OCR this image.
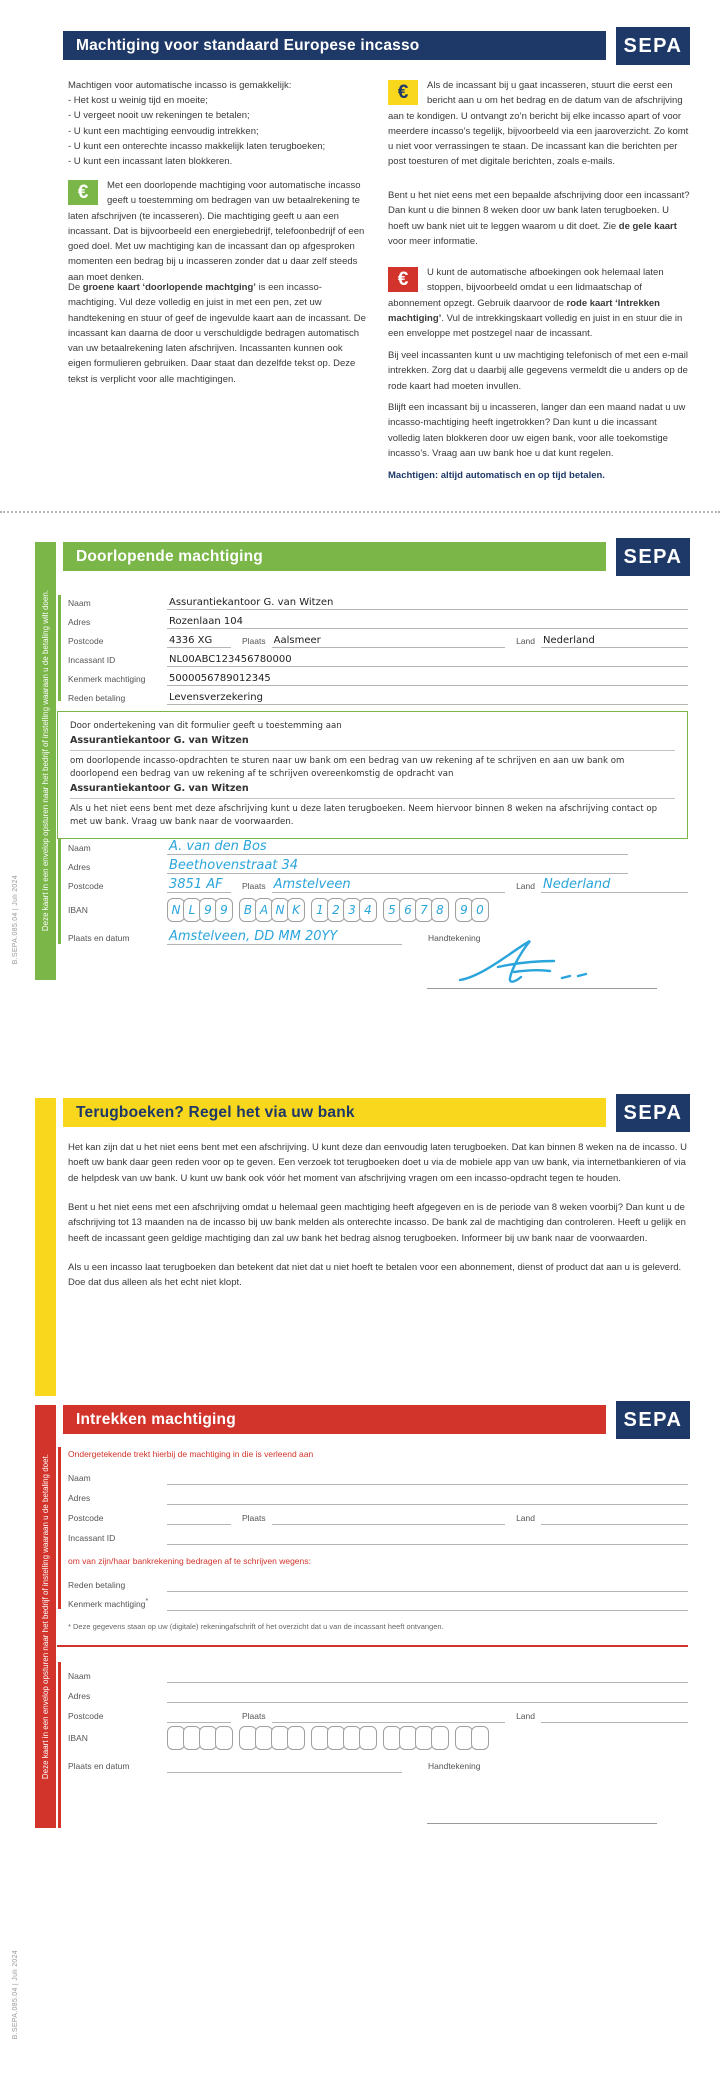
Machtiging voor standaard Europese incasso	SEPA
Machtigen voor automatische incasso is gemakkelijk:
- Het kost u weinig tijd en moeite;
- U vergeet nooit uw rekeningen te betalen;
- U kunt een machtiging eenvoudig intrekken;
- U kunt een onterechte incasso makkelijk laten terugboeken;
- U kunt een incassant laten blokkeren.
€	Met een doorlopende machtiging voor automatische incasso geeft u toestemming om bedragen van uw betaalrekening te laten afschrijven (te incasseren). Die machtiging geeft u aan een incassant. Dat is bijvoorbeeld een energiebedrijf, telefoonbedrijf of een goed doel. Met uw machtiging kan de incassant dan op afgesproken momenten een bedrag bij u incasseren zonder dat u daar zelf steeds aan moet denken.
De groene kaart ‘doorlopende machtging’ is een incasso-machtiging. Vul deze volledig en juist in met een pen, zet uw handtekening en stuur of geef de ingevulde kaart aan de incassant. De incassant kan daarna de door u verschuldigde bedragen automatisch van uw betaalrekening laten afschrijven. Incassanten kunnen ook eigen formulieren gebruiken. Daar staat dan dezelfde tekst op. Deze tekst is verplicht voor alle machtigingen.
€	Als de incassant bij u gaat incasseren, stuurt die eerst een bericht aan u om het bedrag en de datum van de afschrijving aan te kondigen. U ontvangt zo’n bericht bij elke incasso apart of voor meerdere incasso’s tegelijk, bijvoorbeeld via een jaaroverzicht. Zo komt u niet voor verrassingen te staan. De incassant kan die berichten per post toesturen of met digitale berichten, zoals e-mails.
Bent u het niet eens met een bepaalde afschrijving door een incassant? Dan kunt u die binnen 8 weken door uw bank laten terugboeken. U hoeft uw bank niet uit te leggen waarom u dit doet. Zie de gele kaart voor meer informatie.
€	U kunt de automatische afboekingen ook helemaal laten stoppen, bijvoorbeeld omdat u een lidmaatschap of abonnement opzegt. Gebruik daarvoor de rode kaart ‘Intrekken machtiging’. Vul de intrekkingskaart volledig en juist in en stuur die in een enveloppe met postzegel naar de incassant.
Bij veel incassanten kunt u uw machtiging telefonisch of met een e-mail intrekken. Zorg dat u daarbij alle gegevens vermeldt die u anders op de rode kaart had moeten invullen.
Blijft een incassant bij u incasseren, langer dan een maand nadat u uw incasso-machtiging heeft ingetrokken? Dan kunt u die incassant volledig laten blokkeren door uw eigen bank, voor alle toekomstige incasso’s. Vraag aan uw bank hoe u dat kunt regelen.
Machtigen: altijd automatisch en op tijd betalen.
Deze kaart in een envelop opsturen naar het bedrijf of instelling waaraan u de betaling wilt doen.
B.SEPA.085.04 | Juli 2024
Doorlopende machtiging	SEPA
Naam	Assurantiekantoor G. van Witzen
Adres	Rozenlaan 104
Postcode	4336 XG	Plaats Aalsmeer	Land Nederland
Incassant ID	NL00ABC123456780000
Kenmerk machtiging	5000056789012345
Reden betaling	Levensverzekering
Door ondertekening van dit formulier geeft u toestemming aan
Assurantiekantoor G. van Witzen
om doorlopende incasso-opdrachten te sturen naar uw bank om een bedrag van uw rekening af te schrijven en aan uw bank om doorlopend een bedrag van uw rekening af te schrijven overeenkomstig de opdracht van
Assurantiekantoor G. van Witzen
Als u het niet eens bent met deze afschrijving kunt u deze laten terugboeken. Neem hiervoor binnen 8 weken na afschrijving contact op met uw bank. Vraag uw bank naar de voorwaarden.
Naam	A. van den Bos
Adres	Beethovenstraat 34
Postcode	3851 AF	Plaats Amstelveen	Land Nederland
IBAN	N L 9 9 B A N K 1 2 3 4 5 6 7 8 9 0
Plaats en datum	Amstelveen, DD MM 20YY	Handtekening
Terugboeken? Regel het via uw bank	SEPA
Het kan zijn dat u het niet eens bent met een afschrijving. U kunt deze dan eenvoudig laten terugboeken. Dat kan binnen 8 weken na de incasso. U hoeft uw bank daar geen reden voor op te geven. Een verzoek tot terugboeken doet u via de mobiele app van uw bank, via internetbankieren of via de helpdesk van uw bank. U kunt uw bank ook vóór het moment van afschrijving vragen om een incasso-opdracht tegen te houden.
Bent u het niet eens met een afschrijving omdat u helemaal geen machtiging heeft afgegeven en is de periode van 8 weken voorbij? Dan kunt u de afschrijving tot 13 maanden na de incasso bij uw bank melden als onterechte incasso. De bank zal de machtiging dan controleren. Heeft u gelijk en heeft de incassant geen geldige machtiging dan zal uw bank het bedrag alsnog terugboeken. Informeer bij uw bank naar de voorwaarden.
Als u een incasso laat terugboeken dan betekent dat niet dat u niet hoeft te betalen voor een abonnement, dienst of product dat aan u is geleverd. Doe dat dus alleen als het echt niet klopt.
Deze kaart in een envelop opsturen naar het bedrijf of instelling waaraan u de betaling doet.
Intrekken machtiging	SEPA
Ondergetekende trekt hierbij de machtiging in die is verleend aan
Naam
Adres
Postcode	Plaats	Land
Incassant ID
om van zijn/haar bankrekening bedragen af te schrijven wegens:
Reden betaling
Kenmerk machtiging*
* Deze gegevens staan op uw (digitale) rekeningafschrift of het overzicht dat u van de incassant heeft ontvangen.
Naam
Adres
Postcode	Plaats	Land
IBAN
Plaats en datum	Handtekening
B.SEPA.085.04 | Juli 2024
